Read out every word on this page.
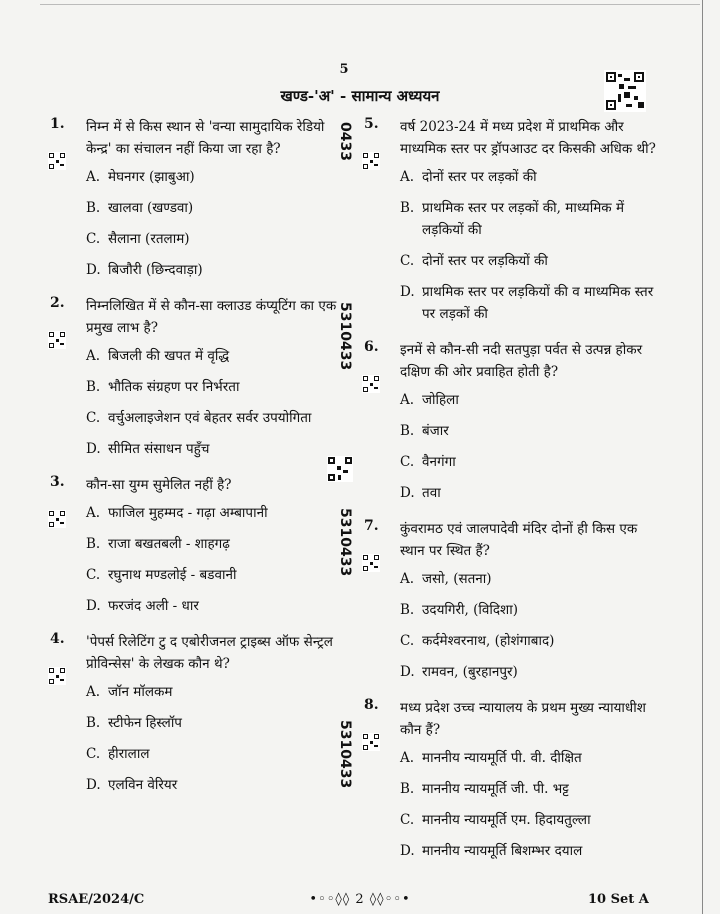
5
खण्ड-'अ' - सामान्य अध्ययन
0433
5310433
5310433
5310433
1. निम्न में से किस स्थान से 'वन्या सामुदायिक रेडियो केन्द्र' का संचालन नहीं किया जा रहा है?
A. मेघनगर (झाबुआ)
B. खालवा (खण्डवा)
C. सैलाना (रतलाम)
D. बिजौरी (छिन्दवाड़ा)
2. निम्नलिखित में से कौन-सा क्लाउड कंप्यूटिंग का एक प्रमुख लाभ है?
A. बिजली की खपत में वृद्धि
B. भौतिक संग्रहण पर निर्भरता
C. वर्चुअलाइजेशन एवं बेहतर सर्वर उपयोगिता
D. सीमित संसाधन पहुँच
3. कौन-सा युग्म सुमेलित नहीं है?
A. फाजिल मुहम्मद - गढ़ा अम्बापानी
B. राजा बखतबली - शाहगढ़
C. रघुनाथ मण्डलोई - बडवानी
D. फरजंद अली - धार
4. 'पेपर्स रिलेटिंग टु द एबोरीजनल ट्राइब्स ऑफ सेन्ट्रल प्रोविन्सेस' के लेखक कौन थे?
A. जॉन मॉलकम
B. स्टीफेन हिस्लॉप
C. हीरालाल
D. एलविन वेरियर
5. वर्ष 2023-24 में मध्य प्रदेश में प्राथमिक और माध्यमिक स्तर पर ड्रॉपआउट दर किसकी अधिक थी?
A. दोनों स्तर पर लड़कों की
B. प्राथमिक स्तर पर लड़कों की, माध्यमिक में लड़कियों की
C. दोनों स्तर पर लड़कियों की
D. प्राथमिक स्तर पर लड़कियों की व माध्यमिक स्तर पर लड़कों की
6. इनमें से कौन-सी नदी सतपुड़ा पर्वत से उत्पन्न होकर दक्षिण की ओर प्रवाहित होती है?
A. जोहिला
B. बंजार
C. वैनगंगा
D. तवा
7. कुंवरामठ एवं जालपादेवी मंदिर दोनों ही किस एक स्थान पर स्थित हैं?
A. जसो, (सतना)
B. उदयगिरी, (विदिशा)
C. कर्दमेश्वरनाथ, (होशंगाबाद)
D. रामवन, (बुरहानपुर)
8. मध्य प्रदेश उच्च न्यायालय के प्रथम मुख्य न्यायाधीश कौन हैं?
A. माननीय न्यायमूर्ति पी. वी. दीक्षित
B. माननीय न्यायमूर्ति जी. पी. भट्ट
C. माननीय न्यायमूर्ति एम. हिदायतुल्ला
D. माननीय न्यायमूर्ति बिशम्भर दयाल
RSAE/2024/C	•◦◦◊◊ 2 ◊◊◦◦•	10 Set A
